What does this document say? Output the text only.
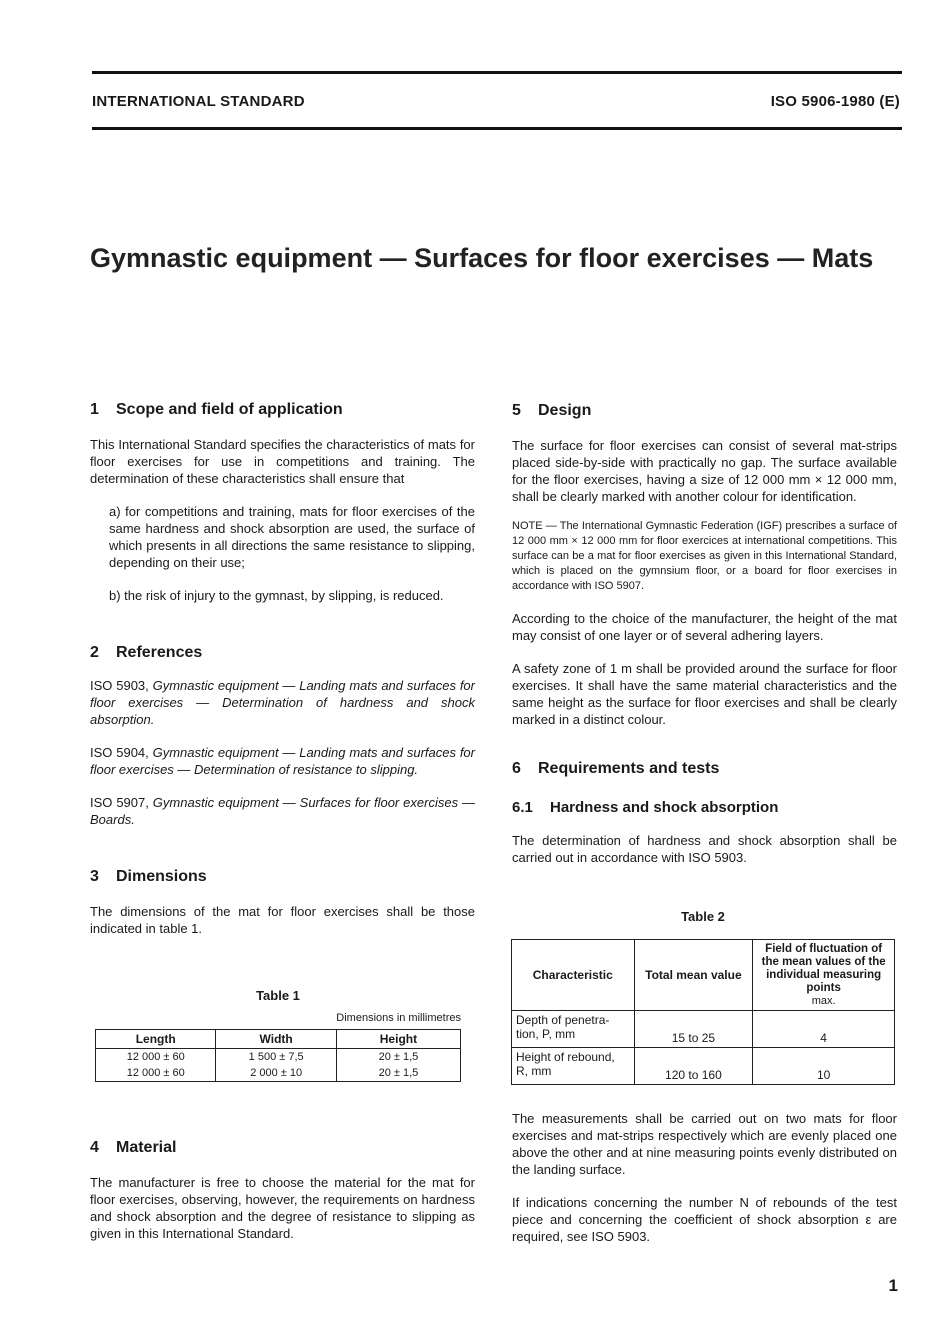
INTERNATIONAL STANDARD	ISO 5906-1980 (E)
Gymnastic equipment — Surfaces for floor exercises — Mats
1 Scope and field of application

This International Standard specifies the characteristics of mats for floor exercises for use in competitions and training. The determination of these characteristics shall ensure that

a) for competitions and training, mats for floor exercises of the same hardness and shock absorption are used, the surface of which presents in all directions the same resistance to slipping, depending on their use;

b) the risk of injury to the gymnast, by slipping, is reduced.

2 References

ISO 5903, Gymnastic equipment — Landing mats and surfaces for floor exercises — Determination of hardness and shock absorption.

ISO 5904, Gymnastic equipment — Landing mats and surfaces for floor exercises — Determination of resistance to slipping.

ISO 5907, Gymnastic equipment — Surfaces for floor exercises — Boards.

3 Dimensions

The dimensions of the mat for floor exercises shall be those indicated in table 1.

Table 1
Dimensions in millimetres
Length	Width	Height
12 000 ± 60	1 500 ± 7,5	20 ± 1,5
12 000 ± 60	2 000 ± 10	20 ± 1,5
4 Material

The manufacturer is free to choose the material for the mat for floor exercises, observing, however, the requirements on hardness and shock absorption and the degree of resistance to slipping as given in this International Standard.

5 Design

The surface for floor exercises can consist of several mat-strips placed side-by-side with practically no gap. The surface available for the floor exercises, having a size of 12 000 mm × 12 000 mm, shall be clearly marked with another colour for identification.

NOTE — The International Gymnastic Federation (IGF) prescribes a surface of 12 000 mm × 12 000 mm for floor exercices at international competitions. This surface can be a mat for floor exercises as given in this International Standard, which is placed on the gymnsium floor, or a board for floor exercises in accordance with ISO 5907.

According to the choice of the manufacturer, the height of the mat may consist of one layer or of several adhering layers.

A safety zone of 1 m shall be provided around the surface for floor exercises. It shall have the same material characteristics and the same height as the surface for floor exercises and shall be clearly marked in a distinct colour.

6 Requirements and tests
6.1 Hardness and shock absorption

The determination of hardness and shock absorption shall be carried out in accordance with ISO 5903.

Table 2
Characteristic	Total mean value	Field of fluctuation of the mean values of the individual measuring points
max.
Depth of penetra-tion, P, mm	15 to 25	4
Height of rebound, R, mm	120 to 160	10

The measurements shall be carried out on two mats for floor exercises and mat-strips respectively which are evenly placed one above the other and at nine measuring points evenly distributed on the landing surface.

If indications concerning the number N of rebounds of the test piece and concerning the coefficient of shock absorption ε are required, see ISO 5903.

1
